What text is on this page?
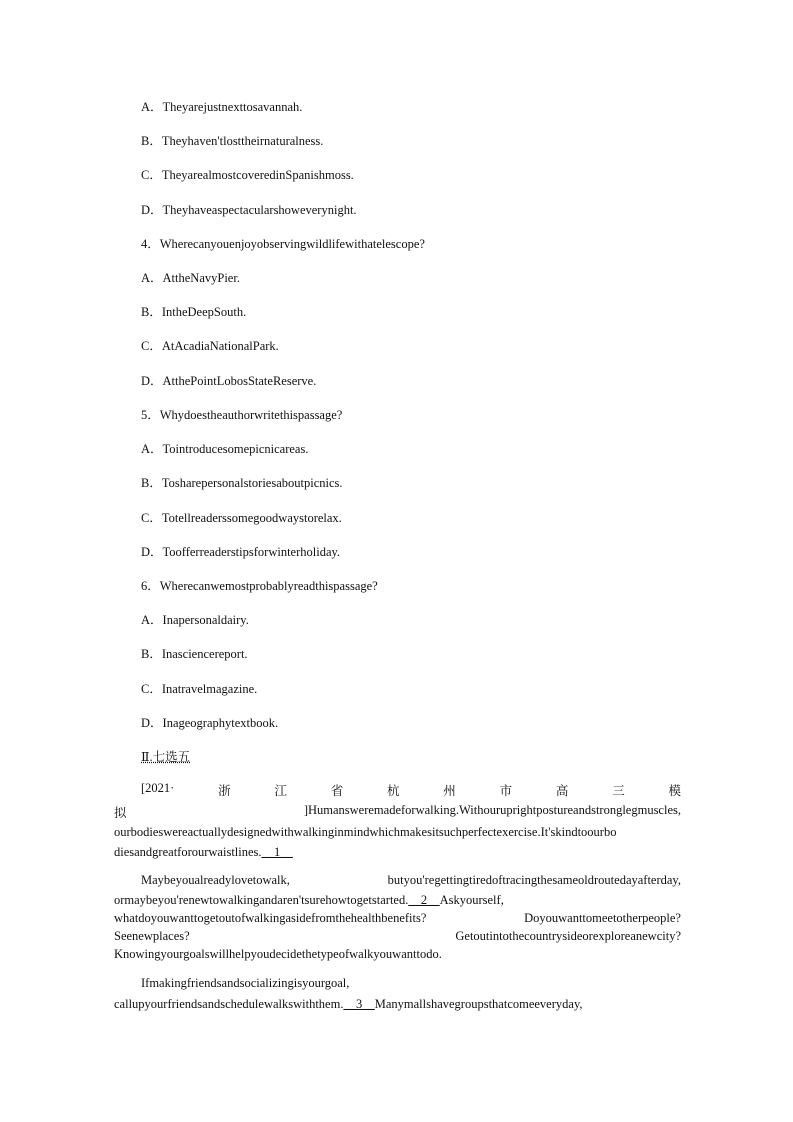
A．Theyarejustnexttosavannah.
B．Theyhaven'tlosttheirnaturalness.
C．TheyarealmostcoveredinSpanishmoss.
D．Theyhaveaspectacularshoweverynight.
4．Wherecanyouenjoyobservingwildlifewithatelescope?
A．AttheNavyPier.
B．IntheDeepSouth.
C．AtAcadiaNationalPark.
D．AtthePointLobosStateReserve.
5．Whydoestheauthorwritethispassage?
A．Tointroducesomepicnicareas.
B．Tosharepersonalstoriesaboutpicnics.
C．Totellreaderssomegoodwaystorelax.
D．Toofferreaderstipsforwinterholiday.
6．Wherecanwemostprobablyreadthispassage?
A．Inapersonaldairy.
B．Inasciencereport.
C．Inatravelmagazine.
D．Inageographytextbook.
Ⅱ.七选五
[2021·	浙	江	省	杭	州	市	高	三	模
拟	]Humansweremadeforwalking.Withouruprightpostureandstronglegmuscles,
ourbodieswereactuallydesignedwithwalkinginmindwhichmakesitsuchperfectexercise.It'skindtoourbo
diesandgreatforourwaistlines.__1__
Maybeyoualreadylovetowalk,	butyou'regettingtiredoftracingthesameoldroutedayafterday,
ormaybeyou'renewtowalkingandaren'tsurehowtogetstarted.__2__Askyourself,
whatdoyouwanttogetoutofwalkingasidefromthehealthbenefits?	Doyouwanttomeetotherpeople?
Seenewplaces?	Getoutintothecountrysideorexploreanewcity?
Knowingyourgoalswillhelpyoudecidethetypeofwalkyouwanttodo.
Ifmakingfriendsandsocializingisyourgoal,
callupyourfriendsandschedulewalkswiththem.__3__Manymallshavegroupsthatcomeeveryday,
